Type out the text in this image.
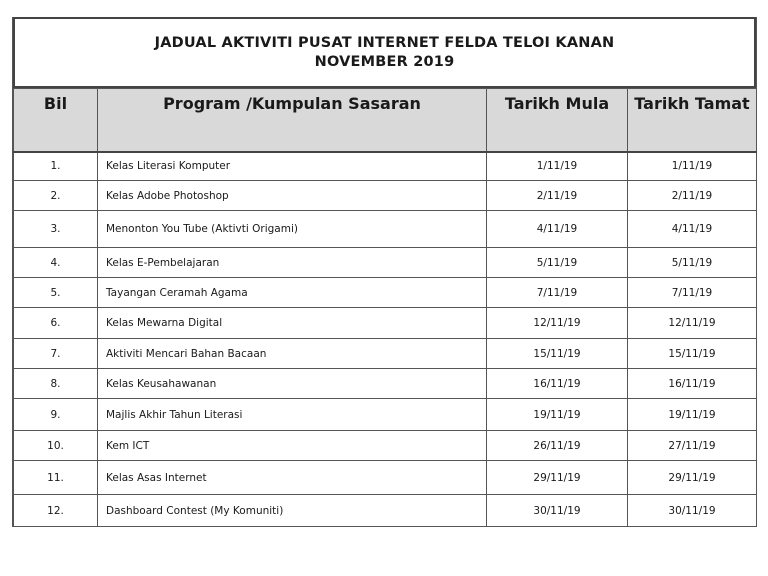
JADUAL AKTIVITI PUSAT INTERNET FELDA TELOI KANAN
NOVEMBER 2019
Bil	Program /Kumpulan Sasaran	Tarikh Mula	Tarikh Tamat
1.	Kelas Literasi Komputer	1/11/19	1/11/19
2.	Kelas Adobe Photoshop	2/11/19	2/11/19
3.	Menonton You Tube (Aktivti Origami)	4/11/19	4/11/19
4.	Kelas E-Pembelajaran	5/11/19	5/11/19
5.	Tayangan Ceramah Agama	7/11/19	7/11/19
6.	Kelas Mewarna Digital	12/11/19	12/11/19
7.	Aktiviti Mencari Bahan Bacaan	15/11/19	15/11/19
8.	Kelas Keusahawanan	16/11/19	16/11/19
9.	Majlis Akhir Tahun Literasi	19/11/19	19/11/19
10.	Kem ICT	26/11/19	27/11/19
11.	Kelas Asas Internet	29/11/19	29/11/19
12.	Dashboard Contest (My Komuniti)	30/11/19	30/11/19
